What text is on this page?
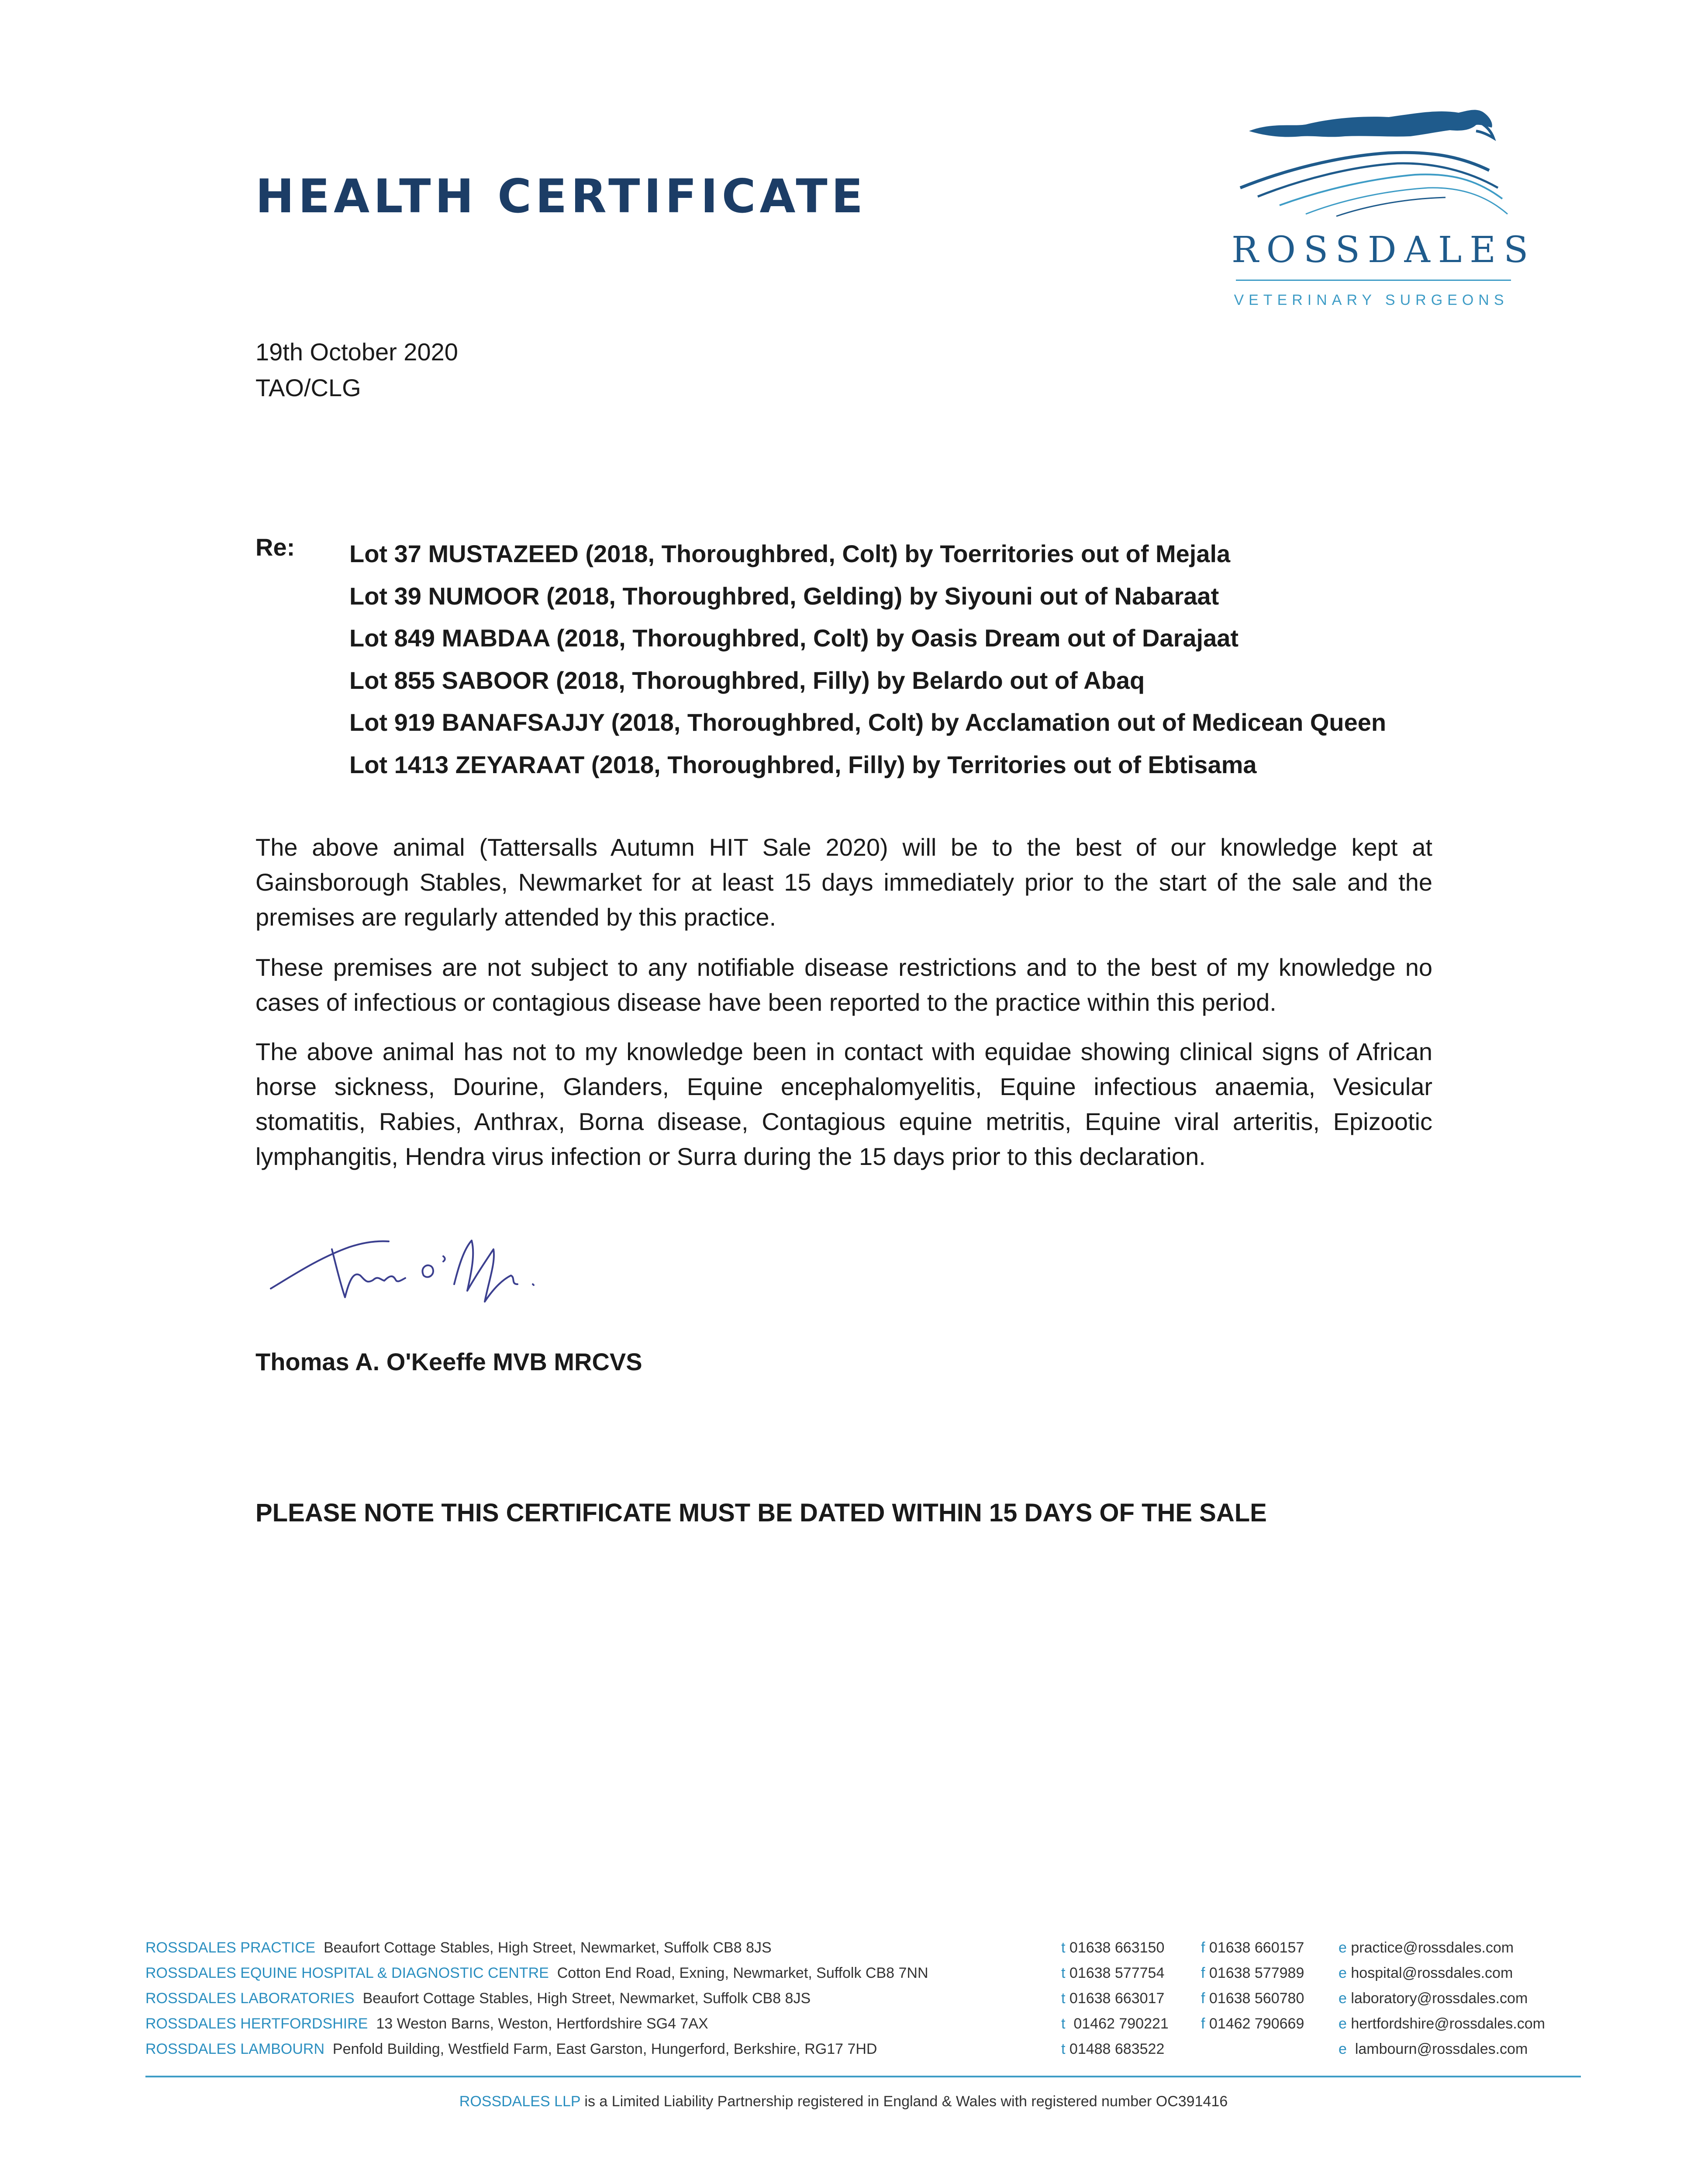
HEALTH CERTIFICATE
ROSSDALES
VETERINARY SURGEONS
19th October 2020
TAO/CLG
Re: Lot 37 MUSTAZEED (2018, Thoroughbred, Colt) by Toerritories out of Mejala
Lot 39 NUMOOR (2018, Thoroughbred, Gelding) by Siyouni out of Nabaraat
Lot 849 MABDAA (2018, Thoroughbred, Colt) by Oasis Dream out of Darajaat
Lot 855 SABOOR (2018, Thoroughbred, Filly) by Belardo out of Abaq
Lot 919 BANAFSAJJY (2018, Thoroughbred, Colt) by Acclamation out of Medicean Queen
Lot 1413 ZEYARAAT (2018, Thoroughbred, Filly) by Territories out of Ebtisama
The above animal (Tattersalls Autumn HIT Sale 2020) will be to the best of our knowledge kept at Gainsborough Stables, Newmarket for at least 15 days immediately prior to the start of the sale and the premises are regularly attended by this practice.
These premises are not subject to any notifiable disease restrictions and to the best of my knowledge no cases of infectious or contagious disease have been reported to the practice within this period.
The above animal has not to my knowledge been in contact with equidae showing clinical signs of African horse sickness, Dourine, Glanders, Equine encephalomyelitis, Equine infectious anaemia, Vesicular stomatitis, Rabies, Anthrax, Borna disease, Contagious equine metritis, Equine viral arteritis, Epizootic lymphangitis, Hendra virus infection or Surra during the 15 days prior to this declaration.
Thomas A. O'Keeffe MVB MRCVS
PLEASE NOTE THIS CERTIFICATE MUST BE DATED WITHIN 15 DAYS OF THE SALE
ROSSDALES PRACTICE Beaufort Cottage Stables, High Street, Newmarket, Suffolk CB8 8JS	t 01638 663150 f 01638 660157 e practice@rossdales.com
ROSSDALES EQUINE HOSPITAL & DIAGNOSTIC CENTRE Cotton End Road, Exning, Newmarket, Suffolk CB8 7NN	t 01638 577754 f 01638 577989 e hospital@rossdales.com
ROSSDALES LABORATORIES Beaufort Cottage Stables, High Street, Newmarket, Suffolk CB8 8JS	t 01638 663017 f 01638 560780 e laboratory@rossdales.com
ROSSDALES HERTFORDSHIRE 13 Weston Barns, Weston, Hertfordshire SG4 7AX	t 01462 790221 f 01462 790669 e hertfordshire@rossdales.com
ROSSDALES LAMBOURN Penfold Building, Westfield Farm, East Garston, Hungerford, Berkshire, RG17 7HD	t 01488 683522	e lambourn@rossdales.com
ROSSDALES LLP is a Limited Liability Partnership registered in England & Wales with registered number OC391416
